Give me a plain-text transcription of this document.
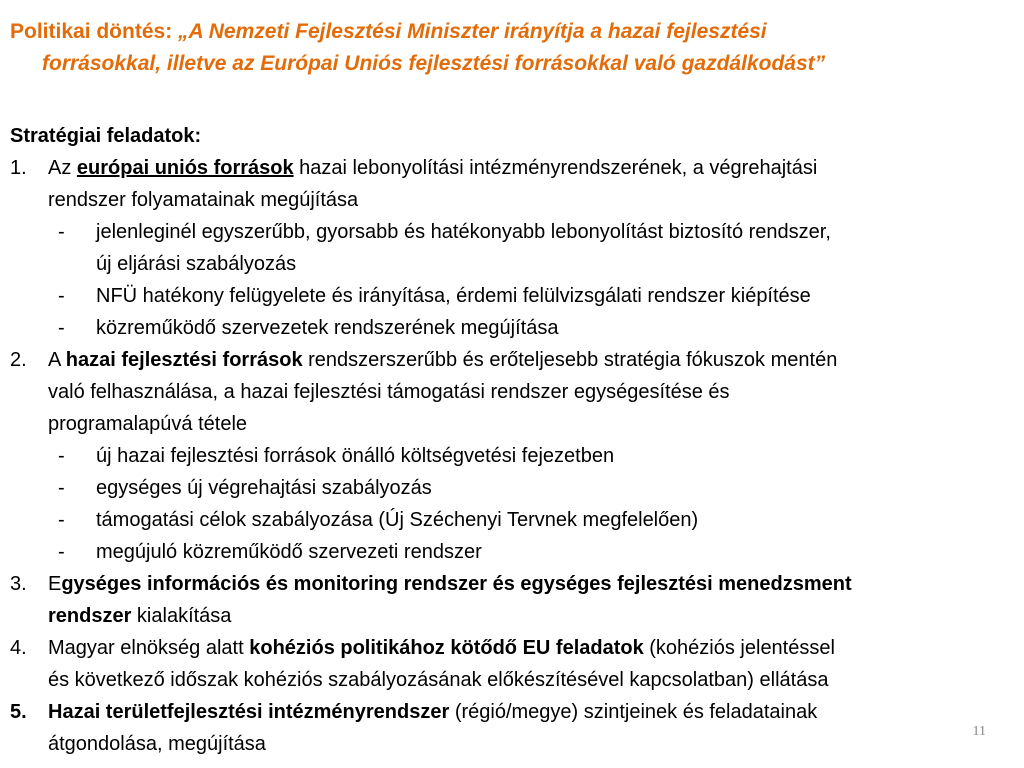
Politikai döntés: „A Nemzeti Fejlesztési Miniszter irányítja a hazai fejlesztési
forrásokkal, illetve az Európai Uniós fejlesztési forrásokkal való gazdálkodást”
Stratégiai feladatok:
1. Az európai uniós források hazai lebonyolítási intézményrendszerének, a végrehajtási
rendszer folyamatainak megújítása
- jelenleginél egyszerűbb, gyorsabb és hatékonyabb lebonyolítást biztosító rendszer,
új eljárási szabályozás
- NFÜ hatékony felügyelete és irányítása, érdemi felülvizsgálati rendszer kiépítése
- közreműködő szervezetek rendszerének megújítása
2. A hazai fejlesztési források rendszerszerűbb és erőteljesebb stratégia fókuszok mentén
való felhasználása, a hazai fejlesztési támogatási rendszer egységesítése és
programalapúvá tétele
- új hazai fejlesztési források önálló költségvetési fejezetben
- egységes új végrehajtási szabályozás
- támogatási célok szabályozása (Új Széchenyi Tervnek megfelelően)
- megújuló közreműködő szervezeti rendszer
3. Egységes információs és monitoring rendszer és egységes fejlesztési menedzsment
rendszer kialakítása
4. Magyar elnökség alatt kohéziós politikához kötődő EU feladatok (kohéziós jelentéssel
és következő időszak kohéziós szabályozásának előkészítésével kapcsolatban) ellátása
5. Hazai területfejlesztési intézményrendszer (régió/megye) szintjeinek és feladatainak
átgondolása, megújítása
11
